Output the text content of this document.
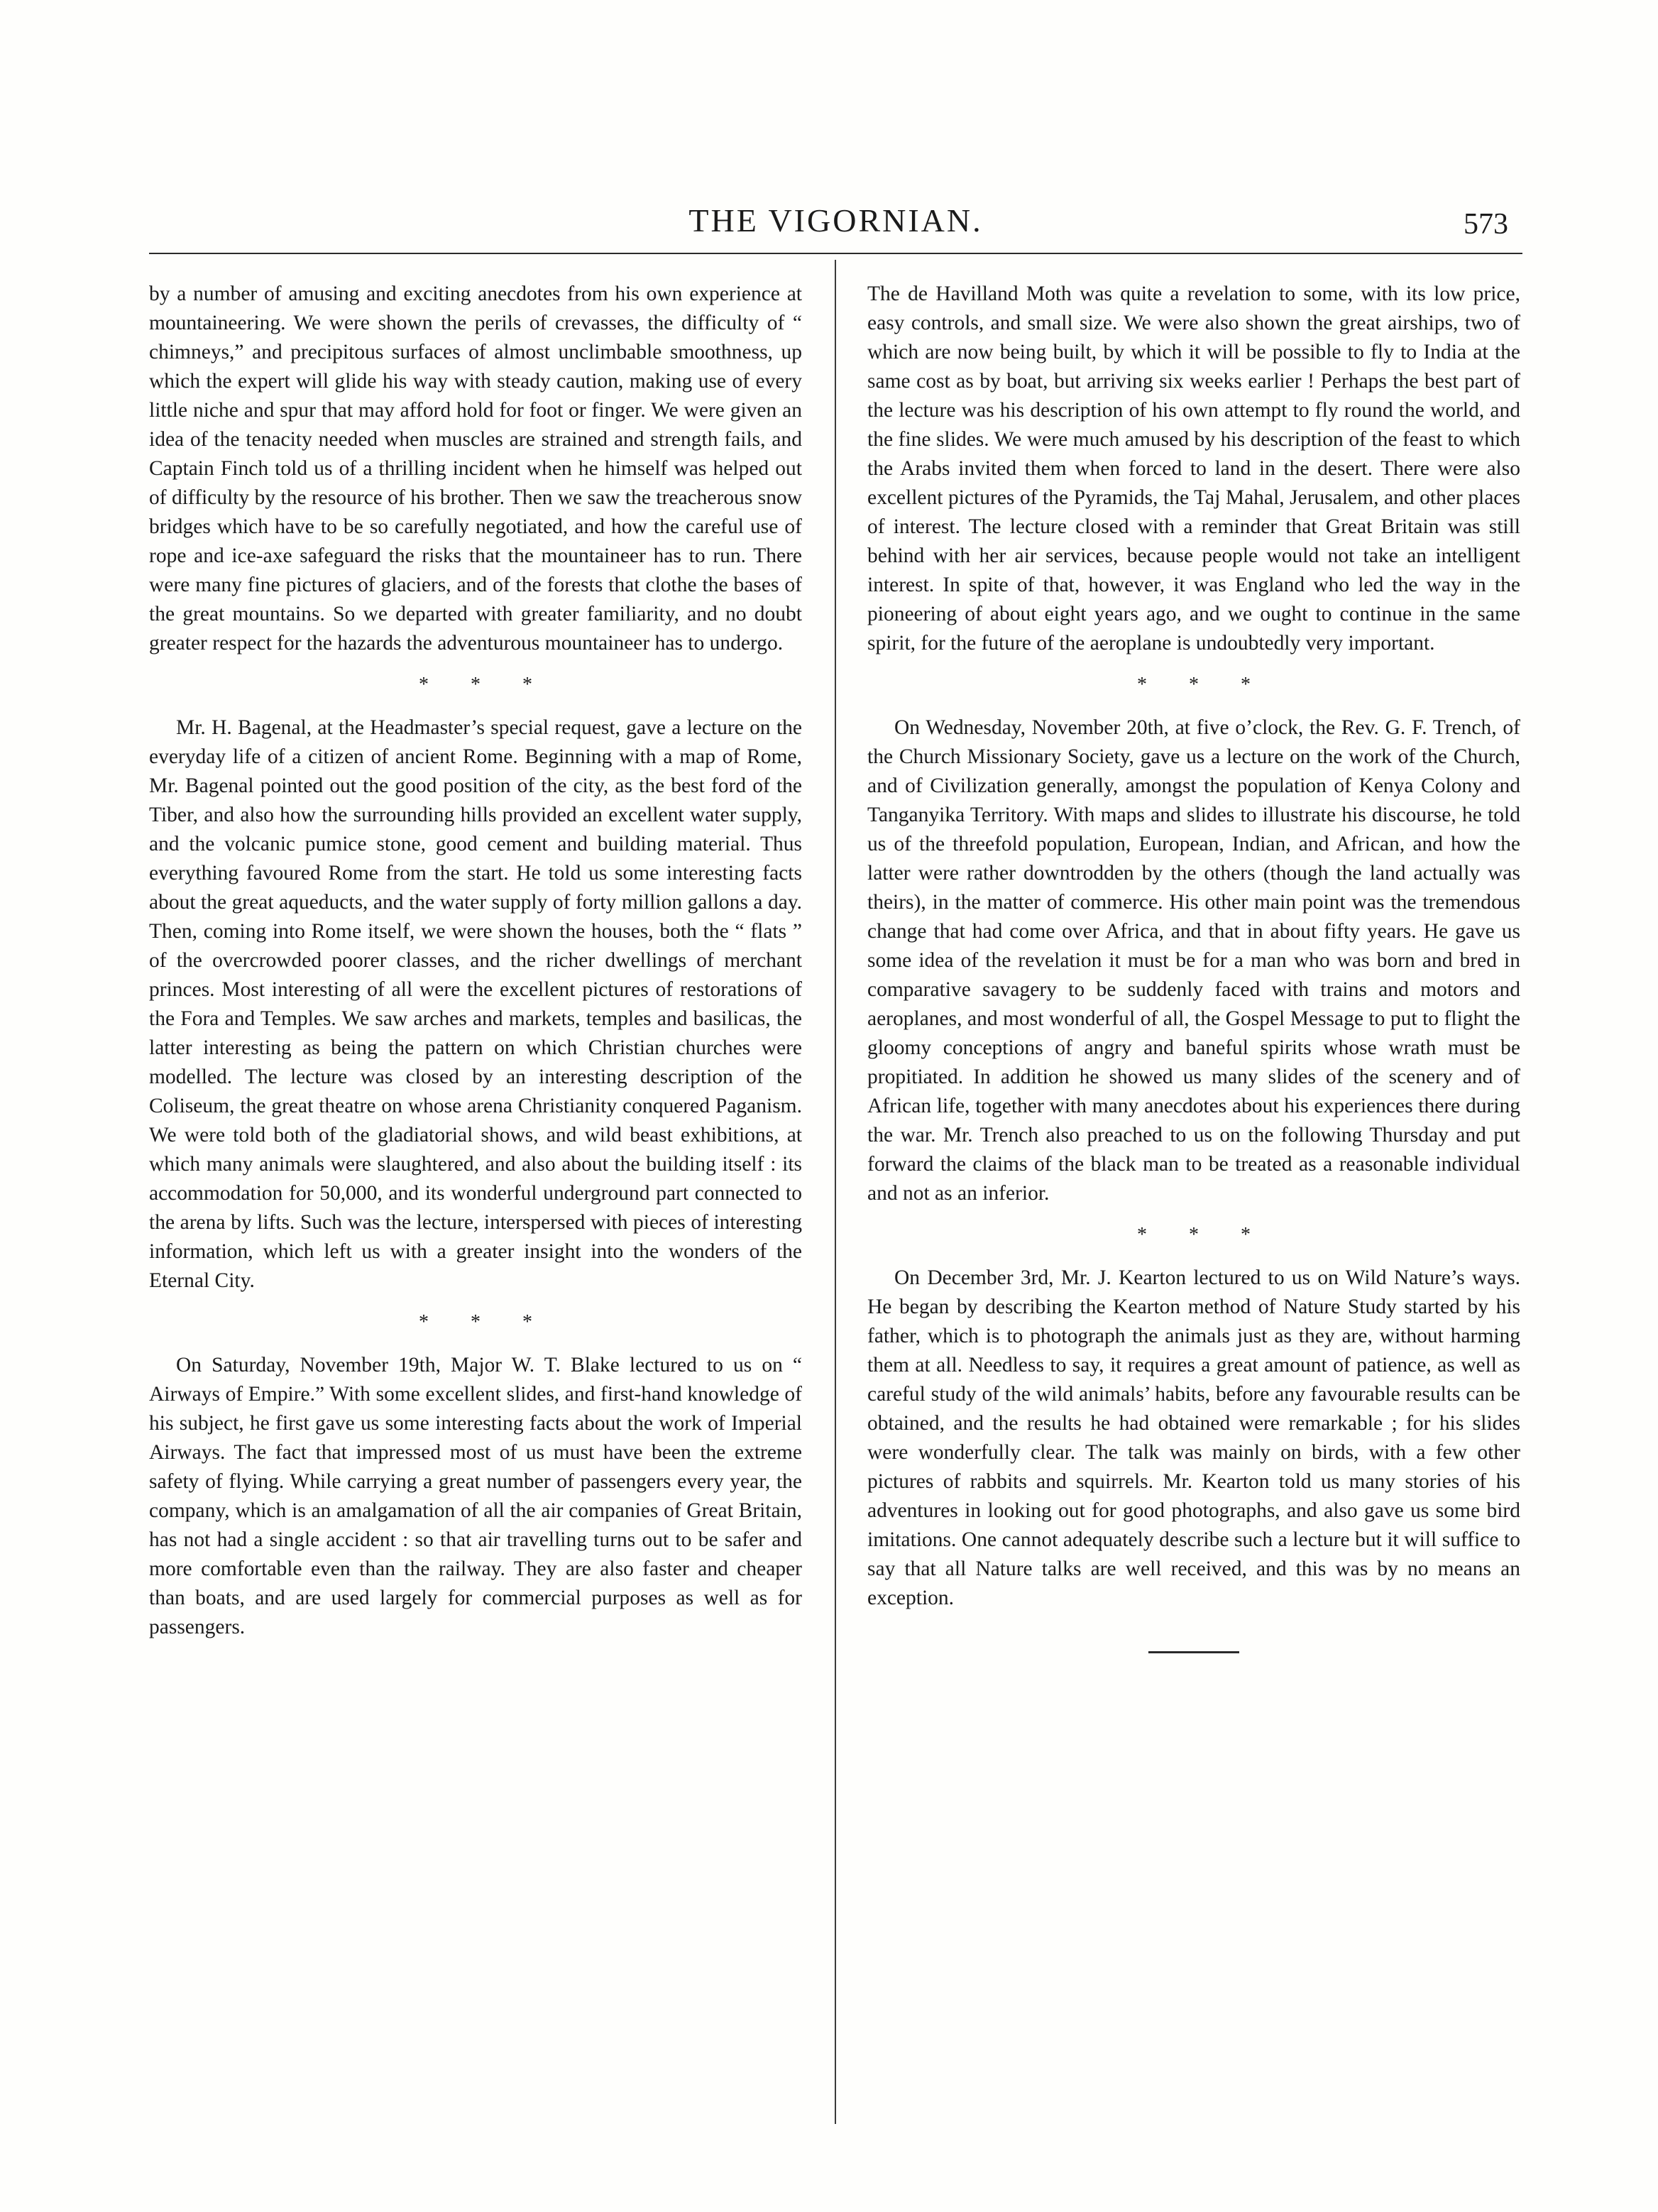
THE VIGORNIAN.	573

by a number of amusing and exciting anecdotes from his own experience at mountaineering. We were shown the perils of crevasses, the difficulty of “ chimneys,” and precipitous surfaces of almost unclimbable smoothness, up which the expert will glide his way with steady caution, making use of every little niche and spur that may afford hold for foot or finger. We were given an idea of the tenacity needed when muscles are strained and strength fails, and Captain Finch told us of a thrilling incident when he himself was helped out of difficulty by the resource of his brother. Then we saw the treacherous snow bridges which have to be so carefully negotiated, and how the careful use of rope and ice-axe safeguard the risks that the mountaineer has to run. There were many fine pictures of glaciers, and of the forests that clothe the bases of the great mountains. So we departed with greater familiarity, and no doubt greater respect for the hazards the adventurous mountaineer has to undergo.

* * *

Mr. H. Bagenal, at the Headmaster’s special request, gave a lecture on the everyday life of a citizen of ancient Rome. Beginning with a map of Rome, Mr. Bagenal pointed out the good position of the city, as the best ford of the Tiber, and also how the surrounding hills provided an excellent water supply, and the volcanic pumice stone, good cement and building material. Thus everything favoured Rome from the start. He told us some interesting facts about the great aqueducts, and the water supply of forty million gallons a day. Then, coming into Rome itself, we were shown the houses, both the “ flats ” of the overcrowded poorer classes, and the richer dwellings of merchant princes. Most interesting of all were the excellent pictures of restorations of the Fora and Temples. We saw arches and markets, temples and basilicas, the latter interesting as being the pattern on which Christian churches were modelled. The lecture was closed by an interesting description of the Coliseum, the great theatre on whose arena Christianity conquered Paganism. We were told both of the gladiatorial shows, and wild beast exhibitions, at which many animals were slaughtered, and also about the building itself : its accommodation for 50,000, and its wonderful underground part connected to the arena by lifts. Such was the lecture, interspersed with pieces of interesting information, which left us with a greater insight into the wonders of the Eternal City.

* * *

On Saturday, November 19th, Major W. T. Blake lectured to us on “ Airways of Empire.” With some excellent slides, and first-hand knowledge of his subject, he first gave us some interesting facts about the work of Imperial Airways. The fact that impressed most of us must have been the extreme safety of flying. While carrying a great number of passengers every year, the company, which is an amalgamation of all the air companies of Great Britain, has not had a single accident : so that air travelling turns out to be safer and more comfortable even than the railway. They are also faster and cheaper than boats, and are used largely for commercial purposes as well as for passengers.

The de Havilland Moth was quite a revelation to some, with its low price, easy controls, and small size. We were also shown the great airships, two of which are now being built, by which it will be possible to fly to India at the same cost as by boat, but arriving six weeks earlier ! Perhaps the best part of the lecture was his description of his own attempt to fly round the world, and the fine slides. We were much amused by his description of the feast to which the Arabs invited them when forced to land in the desert. There were also excellent pictures of the Pyramids, the Taj Mahal, Jerusalem, and other places of interest. The lecture closed with a reminder that Great Britain was still behind with her air services, because people would not take an intelligent interest. In spite of that, however, it was England who led the way in the pioneering of about eight years ago, and we ought to continue in the same spirit, for the future of the aeroplane is undoubtedly very important.

* * *

On Wednesday, November 20th, at five o’clock, the Rev. G. F. Trench, of the Church Missionary Society, gave us a lecture on the work of the Church, and of Civilization generally, amongst the population of Kenya Colony and Tanganyika Territory. With maps and slides to illustrate his discourse, he told us of the threefold population, European, Indian, and African, and how the latter were rather downtrodden by the others (though the land actually was theirs), in the matter of commerce. His other main point was the tremendous change that had come over Africa, and that in about fifty years. He gave us some idea of the revelation it must be for a man who was born and bred in comparative savagery to be suddenly faced with trains and motors and aeroplanes, and most wonderful of all, the Gospel Message to put to flight the gloomy conceptions of angry and baneful spirits whose wrath must be propitiated. In addition he showed us many slides of the scenery and of African life, together with many anecdotes about his experiences there during the war. Mr. Trench also preached to us on the following Thursday and put forward the claims of the black man to be treated as a reasonable individual and not as an inferior.

* * *

On December 3rd, Mr. J. Kearton lectured to us on Wild Nature’s ways. He began by describing the Kearton method of Nature Study started by his father, which is to photograph the animals just as they are, without harming them at all. Needless to say, it requires a great amount of patience, as well as careful study of the wild animals’ habits, before any favourable results can be obtained, and the results he had obtained were remarkable ; for his slides were wonderfully clear. The talk was mainly on birds, with a few other pictures of rabbits and squirrels. Mr. Kearton told us many stories of his adventures in looking out for good photographs, and also gave us some bird imitations. One cannot adequately describe such a lecture but it will suffice to say that all Nature talks are well received, and this was by no means an exception.
